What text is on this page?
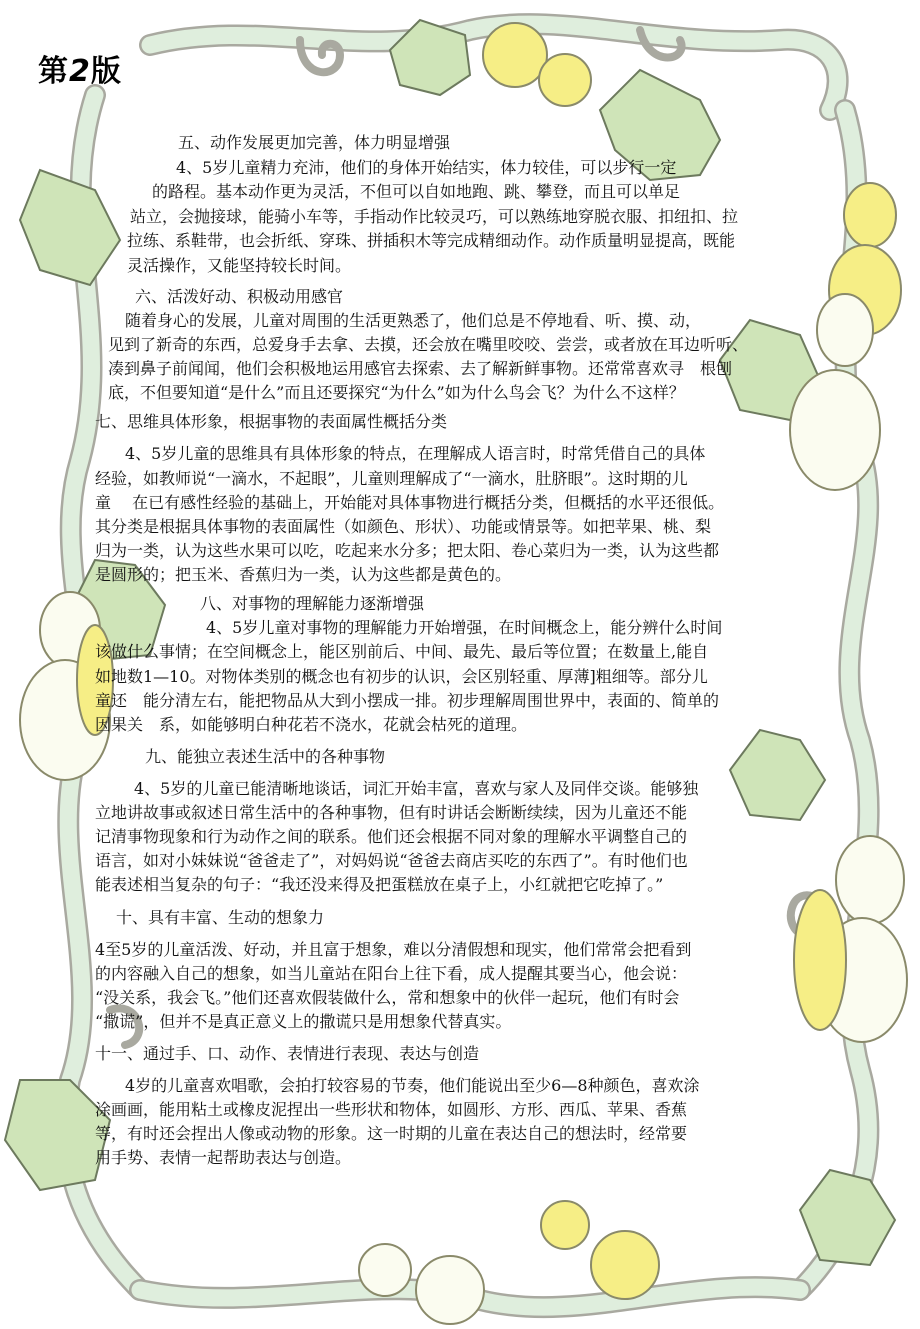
第2版
五、动作发展更加完善，体力明显增强
4、5岁儿童精力充沛，他们的身体开始结实，体力较佳，可以步行一定
的路程。基本动作更为灵活，不但可以自如地跑、跳、攀登，而且可以单足
站立，会抛接球，能骑小车等，手指动作比较灵巧，可以熟练地穿脱衣服、扣纽扣、拉
拉练、系鞋带，也会折纸、穿珠、拼插积木等完成精细动作。动作质量明显提高，既能
灵活操作，又能坚持较长时间。
六、活泼好动、积极动用感官
随着身心的发展，儿童对周围的生活更熟悉了，他们总是不停地看、听、摸、动，
见到了新奇的东西，总爱身手去拿、去摸，还会放在嘴里咬咬、尝尝，或者放在耳边听听、
凑到鼻子前闻闻，他们会积极地运用感官去探索、去了解新鲜事物。还常常喜欢寻　根刨
底，不但要知道“是什么”而且还要探究“为什么”如为什么鸟会飞？为什么不这样？
七、思维具体形象，根据事物的表面属性概括分类
4、5岁儿童的思维具有具体形象的特点，在理解成人语言时，时常凭借自己的具体
经验，如教师说“一滴水，不起眼”，儿童则理解成了“一滴水，肚脐眼”。这时期的儿
童　 在已有感性经验的基础上，开始能对具体事物进行概括分类，但概括的水平还很低。
其分类是根据具体事物的表面属性（如颜色、形状）、功能或情景等。如把苹果、桃、梨
归为一类，认为这些水果可以吃，吃起来水分多；把太阳、卷心菜归为一类，认为这些都
是圆形的；把玉米、香蕉归为一类，认为这些都是黄色的。
八、对事物的理解能力逐渐增强
4、5岁儿童对事物的理解能力开始增强，在时间概念上，能分辨什么时间
该做什么事情；在空间概念上，能区别前后、中间、最先、最后等位置；在数量上,能自
如地数1—10。对物体类别的概念也有初步的认识，会区别轻重、厚薄]粗细等。部分儿
童还　能分清左右，能把物品从大到小摆成一排。初步理解周围世界中，表面的、简单的
因果关　系，如能够明白种花若不浇水，花就会枯死的道理。
九、能独立表述生活中的各种事物
4、5岁的儿童已能清晰地谈话，词汇开始丰富，喜欢与家人及同伴交谈。能够独
立地讲故事或叙述日常生活中的各种事物，但有时讲话会断断续续，因为儿童还不能
记清事物现象和行为动作之间的联系。他们还会根据不同对象的理解水平调整自己的
语言，如对小妹妹说“爸爸走了”，对妈妈说“爸爸去商店买吃的东西了”。有时他们也
能表述相当复杂的句子：“我还没来得及把蛋糕放在桌子上，小红就把它吃掉了。”
十、具有丰富、生动的想象力
4至5岁的儿童活泼、好动，并且富于想象，难以分清假想和现实，他们常常会把看到
的内容融入自己的想象，如当儿童站在阳台上往下看，成人提醒其要当心，他会说：
“没关系，我会飞。”他们还喜欢假装做什么，常和想象中的伙伴一起玩，他们有时会
“撒谎”，但并不是真正意义上的撒谎只是用想象代替真实。
十一、通过手、口、动作、表情进行表现、表达与创造
4岁的儿童喜欢唱歌，会拍打较容易的节奏，他们能说出至少6—8种颜色，喜欢涂
涂画画，能用粘土或橡皮泥捏出一些形状和物体，如圆形、方形、西瓜、苹果、香蕉
等，有时还会捏出人像或动物的形象。这一时期的儿童在表达自己的想法时，经常要
用手势、表情一起帮助表达与创造。
